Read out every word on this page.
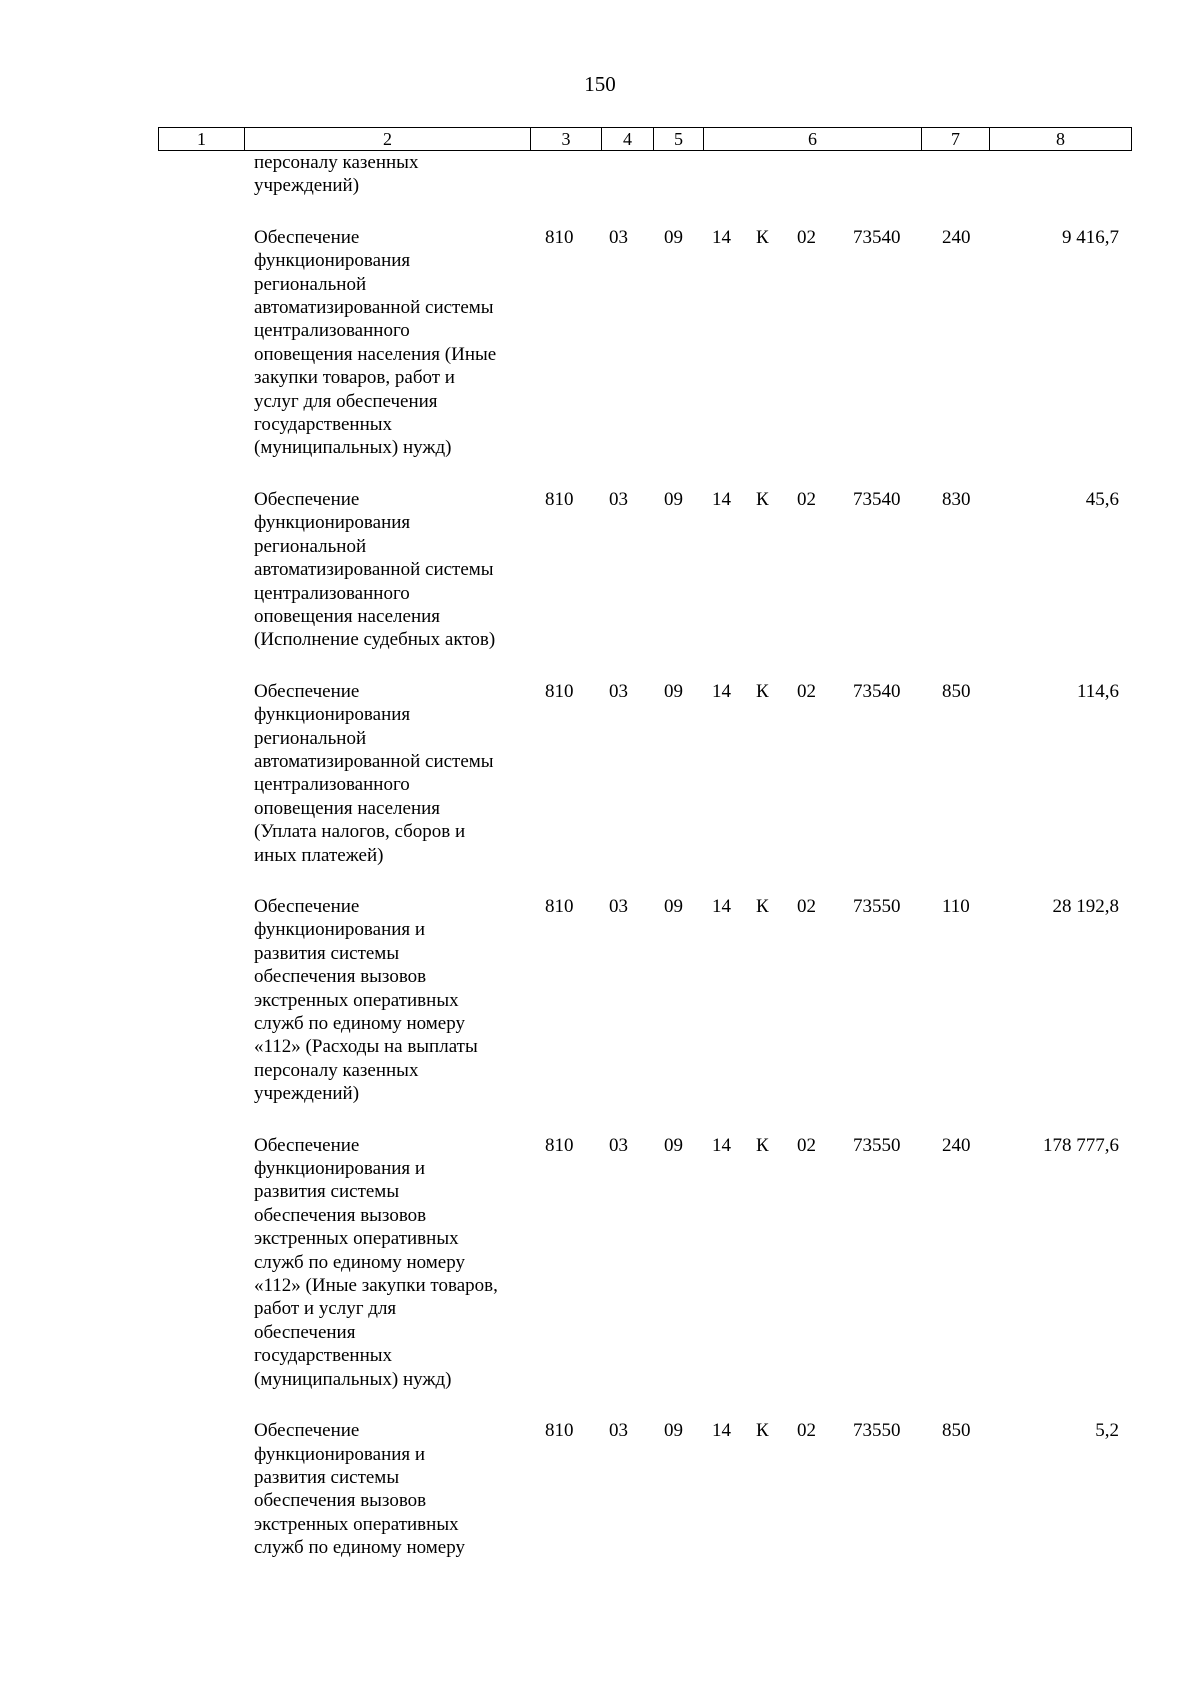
150
1	2	3	4	5	6	7	8
персоналу казенных
учреждений)
Обеспечение
функционирования
региональной
автоматизированной системы
централизованного
оповещения населения (Иные
закупки товаров, работ и
услуг для обеспечения
государственных
(муниципальных) нужд)
810 03 09 14 К 02 73540 240	9 416,7
Обеспечение
функционирования
региональной
автоматизированной системы
централизованного
оповещения населения
(Исполнение судебных актов)
810 03 09 14 К 02 73540 830	45,6
Обеспечение
функционирования
региональной
автоматизированной системы
централизованного
оповещения населения
(Уплата налогов, сборов и
иных платежей)
810 03 09 14 К 02 73540 850	114,6
Обеспечение
функционирования и
развития системы
обеспечения вызовов
экстренных оперативных
служб по единому номеру
«112» (Расходы на выплаты
персоналу казенных
учреждений)
810 03 09 14 К 02 73550 110	28 192,8
Обеспечение
функционирования и
развития системы
обеспечения вызовов
экстренных оперативных
служб по единому номеру
«112» (Иные закупки товаров,
работ и услуг для
обеспечения
государственных
(муниципальных) нужд)
810 03 09 14 К 02 73550 240	178 777,6
Обеспечение
функционирования и
развития системы
обеспечения вызовов
экстренных оперативных
служб по единому номеру
810 03 09 14 К 02 73550 850	5,2
